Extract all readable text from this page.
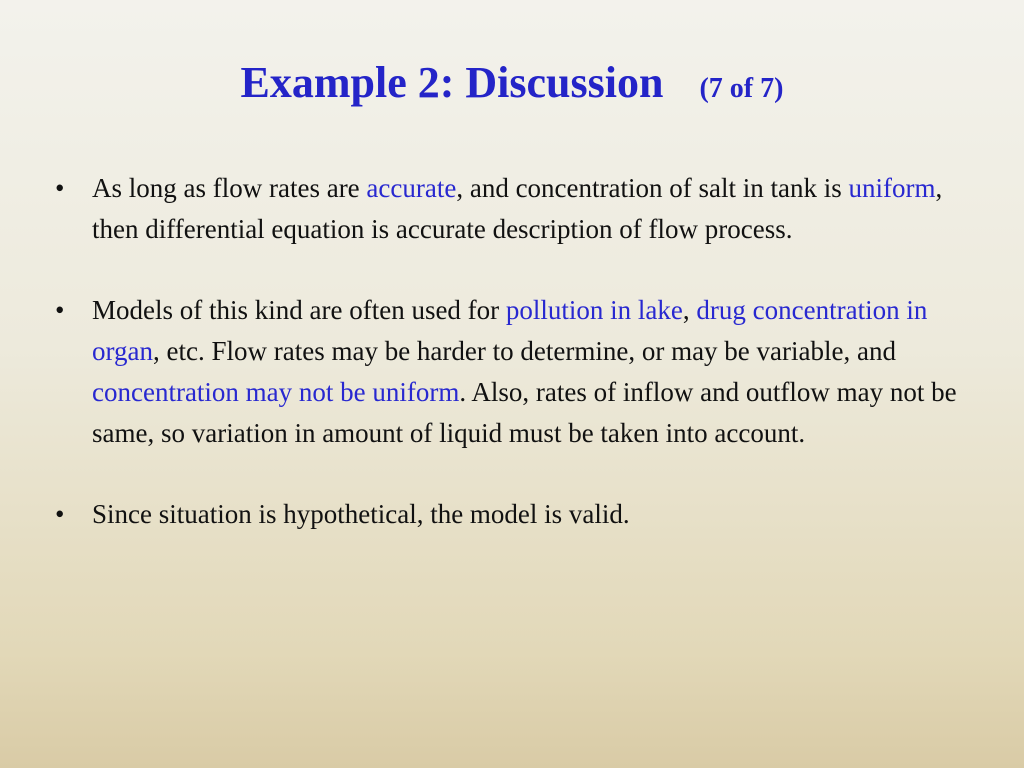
Example 2: Discussion (7 of 7)
• As long as flow rates are accurate, and concentration of salt in tank is uniform, then differential equation is accurate description of flow process.
• Models of this kind are often used for pollution in lake, drug concentration in organ, etc. Flow rates may be harder to determine, or may be variable, and concentration may not be uniform. Also, rates of inflow and outflow may not be same, so variation in amount of liquid must be taken into account.
• Since situation is hypothetical, the model is valid.
